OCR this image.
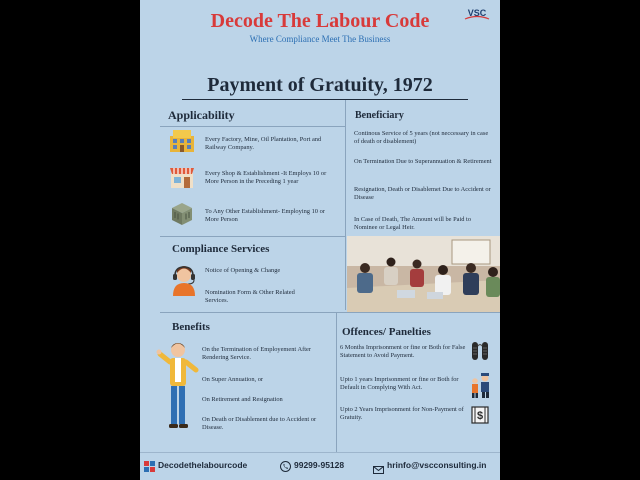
Decode The Labour Code
Where Compliance Meet The Business
VSC
Payment of Gratuity, 1972
Applicability
Every Factory, Mine, Oil Plantation, Port and Railway Company.
Every Shop & Establishment -It Employs 10 or More Person in the Preceding 1 year
To Any Other Establishment- Employing 10 or More Person
Beneficiary
Continous Service of 5 years (not neccessary in case of death or disablement)
On Termination Due to Superannuation & Retirement
Resignation, Death or Disablemet Due to Accident or Disease
In Case of Death, The Amount will be Paid to Nominee or Legal Heir.
Compliance Services
Notice of Opening & Change
Nomination Form & Other Related Services.
Benefits
On the Termination of Employement After Rendering Service.
On Super Annuation, or
On Retirement and Resignation
On Death or Disablement due to Accident or Disease.
Offences/ Panelties
6 Months Imprisonment or fine or Both for False Statement to Avoid Payment.
Upto 1 years Imprisonment or fine or Both for Default in Complying With Act.
Upto 2 Years Imprisonment for Non-Payment of Gratuity.	$
Decodethelabourcode	99299-95128	hrinfo@vscconsulting.in
